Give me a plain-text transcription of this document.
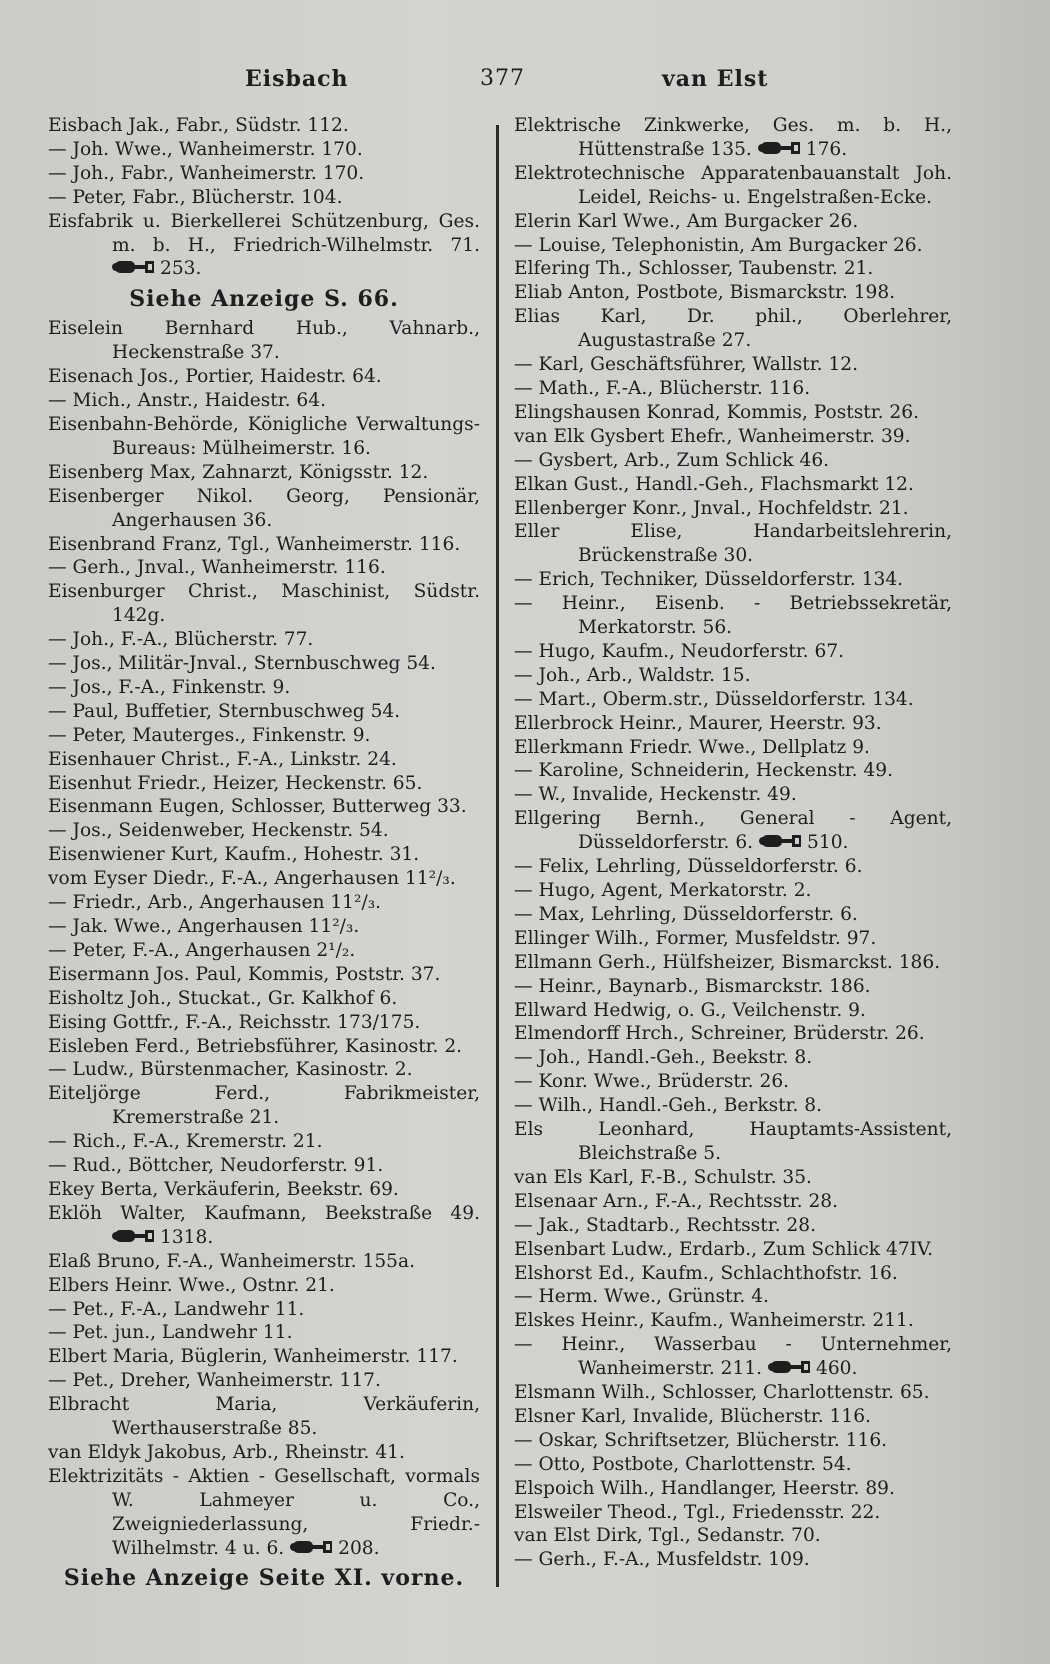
Eisbach	377	van Elst

Eisbach Jak., Fabr., Südstr. 112.

— Joh. Wwe., Wanheimerstr. 170.

— Joh., Fabr., Wanheimerstr. 170.

— Peter, Fabr., Blücherstr. 104.

Eisfabrik u. Bierkellerei Schützenburg, Ges. m. b. H., Friedrich-Wilhelmstr. 71.
253.

Siehe Anzeige S. 66.

Eiselein Bernhard Hub., Vahnarb., Heckenstraße 37.

Eisenach Jos., Portier, Haidestr. 64.

— Mich., Anstr., Haidestr. 64.

Eisenbahn-Behörde, Königliche Verwaltungs-Bureaus: Mülheimerstr. 16.

Eisenberg Max, Zahnarzt, Königsstr. 12.

Eisenberger Nikol. Georg, Pensionär, Angerhausen 36.

Eisenbrand Franz, Tgl., Wanheimerstr. 116.

— Gerh., Jnval., Wanheimerstr. 116.

Eisenburger Christ., Maschinist, Südstr. 142g.

— Joh., F.-A., Blücherstr. 77.

— Jos., Militär-Jnval., Sternbuschweg 54.

— Jos., F.-A., Finkenstr. 9.

— Paul, Buffetier, Sternbuschweg 54.

— Peter, Mauterges., Finkenstr. 9.

Eisenhauer Christ., F.-A., Linkstr. 24.

Eisenhut Friedr., Heizer, Heckenstr. 65.

Eisenmann Eugen, Schlosser, Butterweg 33.

— Jos., Seidenweber, Heckenstr. 54.

Eisenwiener Kurt, Kaufm., Hohestr. 31.

vom Eyser Diedr., F.-A., Angerhausen 11²/₃.

— Friedr., Arb., Angerhausen 11²/₃.

— Jak. Wwe., Angerhausen 11²/₃.

— Peter, F.-A., Angerhausen 2¹/₂.

Eisermann Jos. Paul, Kommis, Poststr. 37.

Eisholtz Joh., Stuckat., Gr. Kalkhof 6.

Eising Gottfr., F.-A., Reichsstr. 173/175.

Eisleben Ferd., Betriebsführer, Kasinostr. 2.

— Ludw., Bürstenmacher, Kasinostr. 2.

Eiteljörge Ferd., Fabrikmeister, Kremerstraße 21.

— Rich., F.-A., Kremerstr. 21.

— Rud., Böttcher, Neudorferstr. 91.

Ekey Berta, Verkäuferin, Beekstr. 69.

Eklöh Walter, Kaufmann, Beekstraße 49.
1318.

Elaß Bruno, F.-A., Wanheimerstr. 155a.

Elbers Heinr. Wwe., Ostnr. 21.

— Pet., F.-A., Landwehr 11.

— Pet. jun., Landwehr 11.

Elbert Maria, Büglerin, Wanheimerstr. 117.

— Pet., Dreher, Wanheimerstr. 117.

Elbracht Maria, Verkäuferin, Werthauserstraße 85.

van Eldyk Jakobus, Arb., Rheinstr. 41.

Elektrizitäts - Aktien - Gesellschaft, vormals W. Lahmeyer u. Co., Zweigniederlassung, Friedr.-Wilhelmstr. 4 u. 6.	208.

Siehe Anzeige Seite XI. vorne.

Elektrische Zinkwerke, Ges. m. b. H., Hüttenstraße 135.	176.

Elektrotechnische Apparatenbauanstalt Joh. Leidel, Reichs- u. Engelstraßen-Ecke.

Elerin Karl Wwe., Am Burgacker 26.

— Louise, Telephonistin, Am Burgacker 26.

Elfering Th., Schlosser, Taubenstr. 21.

Eliab Anton, Postbote, Bismarckstr. 198.

Elias Karl, Dr. phil., Oberlehrer, Augustastraße 27.

— Karl, Geschäftsführer, Wallstr. 12.

— Math., F.-A., Blücherstr. 116.

Elingshausen Konrad, Kommis, Poststr. 26.

van Elk Gysbert Ehefr., Wanheimerstr. 39.

— Gysbert, Arb., Zum Schlick 46.

Elkan Gust., Handl.-Geh., Flachsmarkt 12.

Ellenberger Konr., Jnval., Hochfeldstr. 21.

Eller Elise, Handarbeitslehrerin, Brückenstraße 30.

— Erich, Techniker, Düsseldorferstr. 134.

— Heinr., Eisenb. - Betriebssekretär, Merkatorstr. 56.

— Hugo, Kaufm., Neudorferstr. 67.

— Joh., Arb., Waldstr. 15.

— Mart., Oberm.str., Düsseldorferstr. 134.

Ellerbrock Heinr., Maurer, Heerstr. 93.

Ellerkmann Friedr. Wwe., Dellplatz 9.

— Karoline, Schneiderin, Heckenstr. 49.

— W., Invalide, Heckenstr. 49.

Ellgering Bernh., General - Agent, Düsseldorferstr. 6.	510.

— Felix, Lehrling, Düsseldorferstr. 6.

— Hugo, Agent, Merkatorstr. 2.

— Max, Lehrling, Düsseldorferstr. 6.

Ellinger Wilh., Former, Musfeldstr. 97.

Ellmann Gerh., Hülfsheizer, Bismarckst. 186.

— Heinr., Baynarb., Bismarckstr. 186.

Ellward Hedwig, o. G., Veilchenstr. 9.

Elmendorff Hrch., Schreiner, Brüderstr. 26.

— Joh., Handl.-Geh., Beekstr. 8.

— Konr. Wwe., Brüderstr. 26.

— Wilh., Handl.-Geh., Berkstr. 8.

Els Leonhard, Hauptamts-Assistent, Bleichstraße 5.

van Els Karl, F.-B., Schulstr. 35.

Elsenaar Arn., F.-A., Rechtsstr. 28.

— Jak., Stadtarb., Rechtsstr. 28.

Elsenbart Ludw., Erdarb., Zum Schlick 47IV.

Elshorst Ed., Kaufm., Schlachthofstr. 16.

— Herm. Wwe., Grünstr. 4.

Elskes Heinr., Kaufm., Wanheimerstr. 211.

— Heinr., Wasserbau - Unternehmer, Wanheimerstr. 211.	460.

Elsmann Wilh., Schlosser, Charlottenstr. 65.

Elsner Karl, Invalide, Blücherstr. 116.

— Oskar, Schriftsetzer, Blücherstr. 116.

— Otto, Postbote, Charlottenstr. 54.

Elspoich Wilh., Handlanger, Heerstr. 89.

Elsweiler Theod., Tgl., Friedensstr. 22.

van Elst Dirk, Tgl., Sedanstr. 70.

— Gerh., F.-A., Musfeldstr. 109.
